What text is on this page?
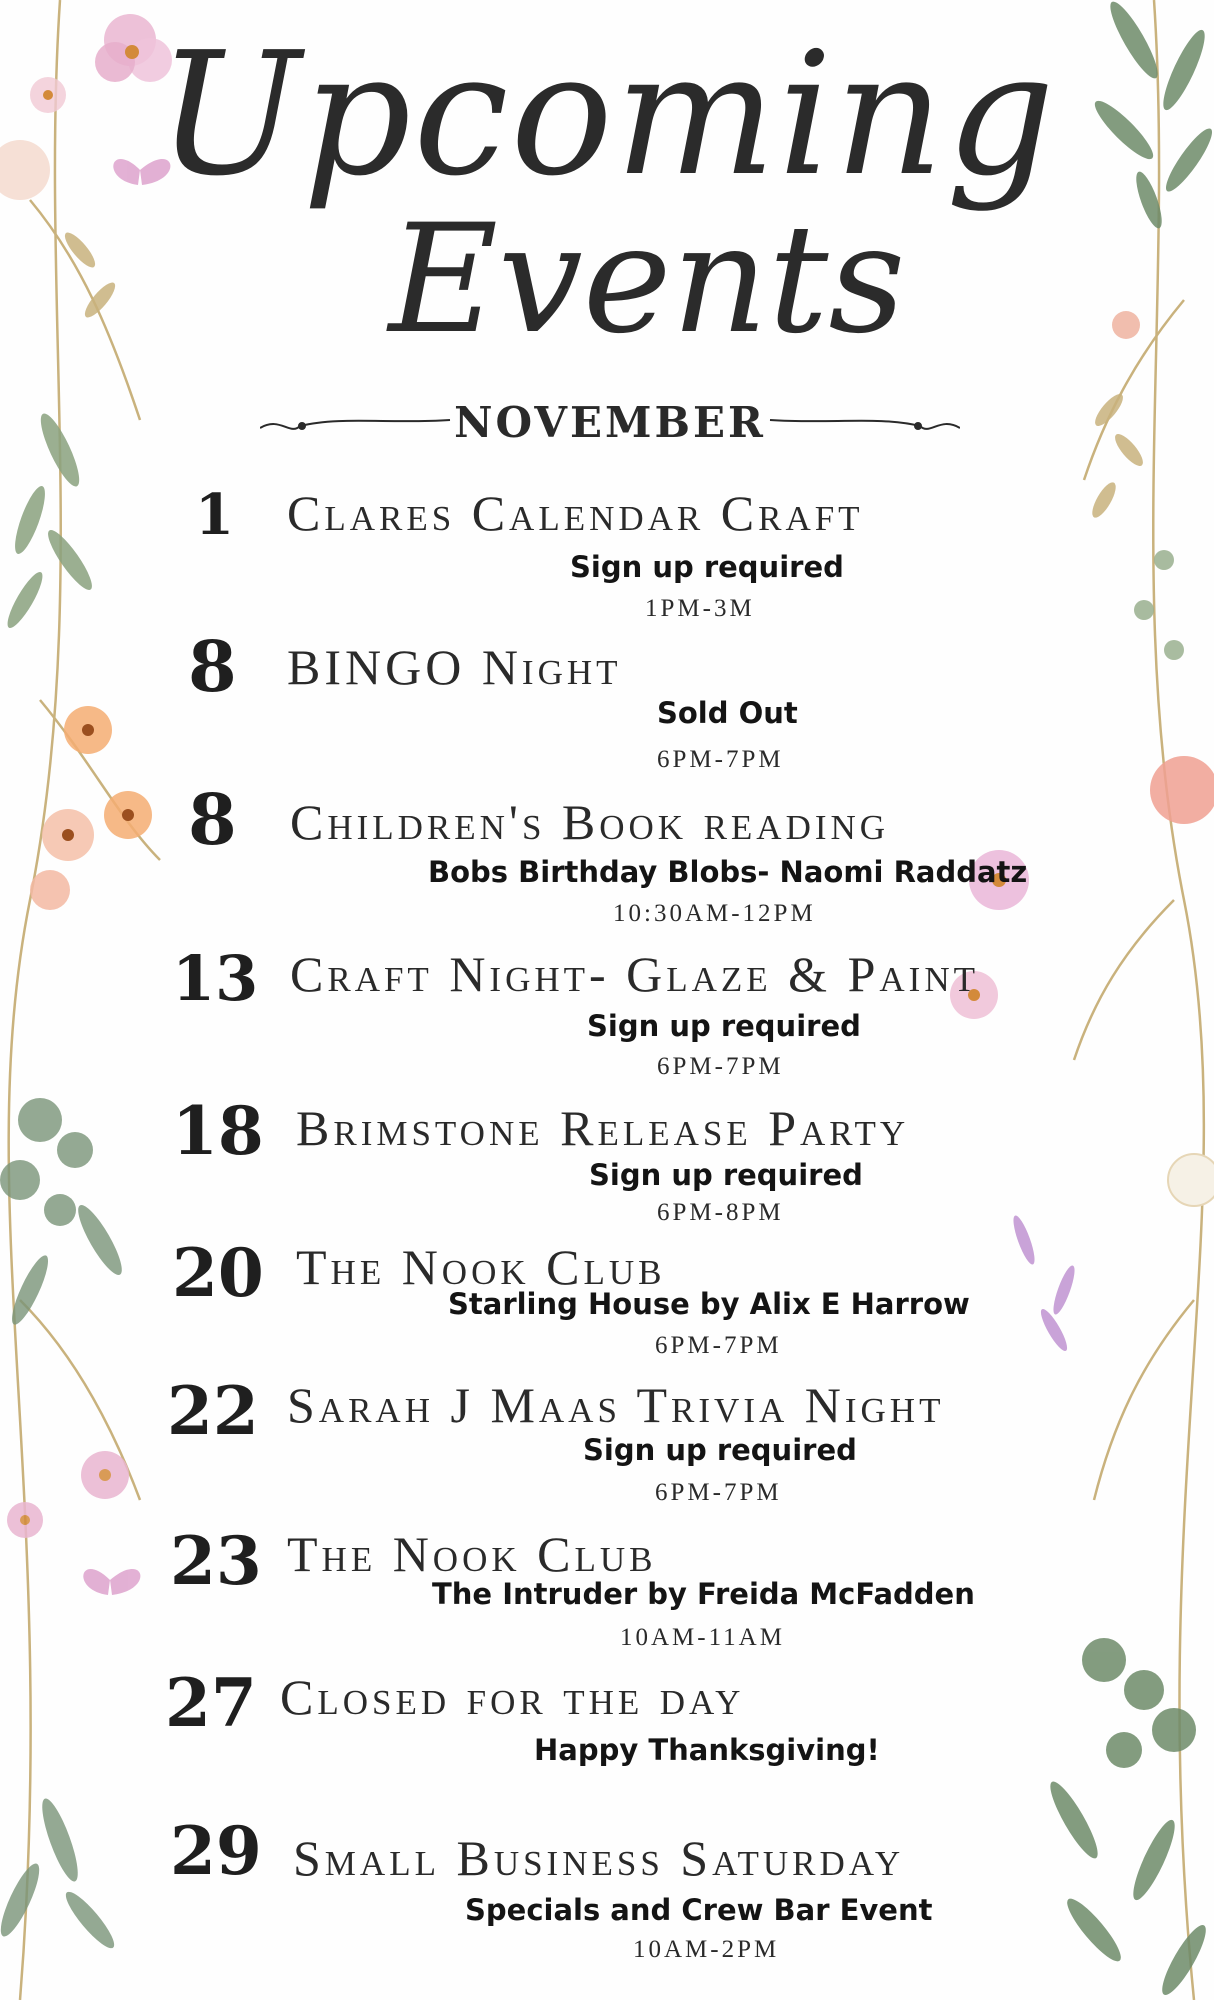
Upcoming
Events
NOVEMBER
1 Clares Calendar Craft
Sign up required
1PM-3M
8 BINGO Night
Sold Out
6PM-7PM
8 Children's Book reading
Bobs Birthday Blobs- Naomi Raddatz
10:30AM-12PM
13 Craft Night- Glaze & Paint
Sign up required
6PM-7PM
18 Brimstone Release Party
Sign up required
6PM-8PM
20 The Nook Club
Starling House by Alix E Harrow
6PM-7PM
22 Sarah J Maas Trivia Night
Sign up required
6PM-7PM
23 The Nook Club
The Intruder by Freida McFadden
10AM-11AM
27 Closed for the day
Happy Thanksgiving!
29 Small Business Saturday
Specials and Crew Bar Event
10AM-2PM
